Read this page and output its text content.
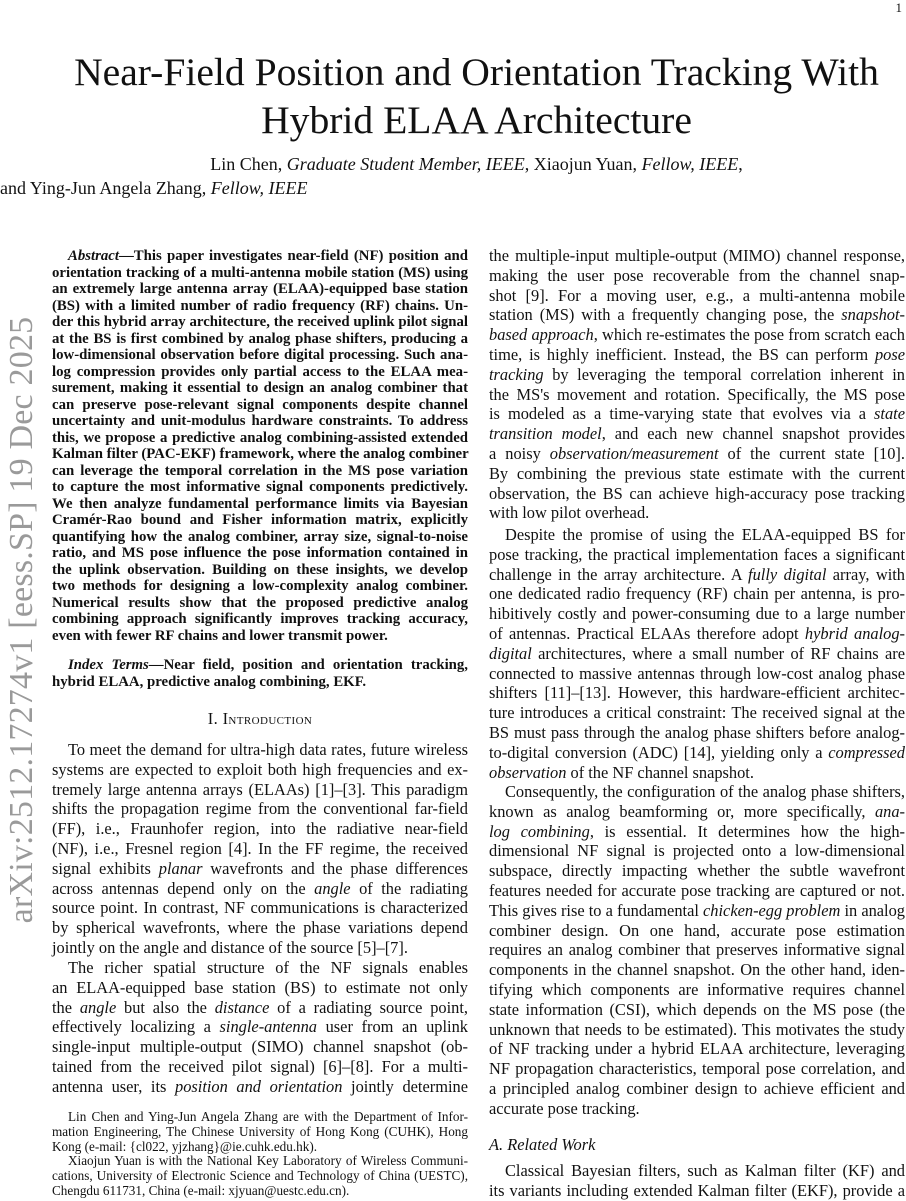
1
arXiv:2512.17274v1 [eess.SP] 19 Dec 2025
Near-Field Position and Orientation Tracking With
Hybrid ELAA Architecture
Lin Chen, Graduate Student Member, IEEE, Xiaojun Yuan, Fellow, IEEE,
and Ying-Jun Angela Zhang, Fellow, IEEE
Abstract—This paper investigates near-field (NF) position and
orientation tracking of a multi-antenna mobile station (MS) using
an extremely large antenna array (ELAA)-equipped base station
(BS) with a limited number of radio frequency (RF) chains. Un-
der this hybrid array architecture, the received uplink pilot signal
at the BS is first combined by analog phase shifters, producing a
low-dimensional observation before digital processing. Such ana-
log compression provides only partial access to the ELAA mea-
surement, making it essential to design an analog combiner that
can preserve pose-relevant signal components despite channel
uncertainty and unit-modulus hardware constraints. To address
this, we propose a predictive analog combining-assisted extended
Kalman filter (PAC-EKF) framework, where the analog combiner
can leverage the temporal correlation in the MS pose variation
to capture the most informative signal components predictively.
We then analyze fundamental performance limits via Bayesian
Cramér-Rao bound and Fisher information matrix, explicitly
quantifying how the analog combiner, array size, signal-to-noise
ratio, and MS pose influence the pose information contained in
the uplink observation. Building on these insights, we develop
two methods for designing a low-complexity analog combiner.
Numerical results show that the proposed predictive analog
combining approach significantly improves tracking accuracy,
even with fewer RF chains and lower transmit power.
Index Terms—Near field, position and orientation tracking,
hybrid ELAA, predictive analog combining, EKF.
I. Introduction
To meet the demand for ultra-high data rates, future wireless
systems are expected to exploit both high frequencies and ex-
tremely large antenna arrays (ELAAs) [1]–[3]. This paradigm
shifts the propagation regime from the conventional far-field
(FF), i.e., Fraunhofer region, into the radiative near-field
(NF), i.e., Fresnel region [4]. In the FF regime, the received
signal exhibits planar wavefronts and the phase differences
across antennas depend only on the angle of the radiating
source point. In contrast, NF communications is characterized
by spherical wavefronts, where the phase variations depend
jointly on the angle and distance of the source [5]–[7].
The richer spatial structure of the NF signals enables
an ELAA-equipped base station (BS) to estimate not only
the angle but also the distance of a radiating source point,
effectively localizing a single-antenna user from an uplink
single-input multiple-output (SIMO) channel snapshot (ob-
tained from the received pilot signal) [6]–[8]. For a multi-
antenna user, its position and orientation jointly determine
Lin Chen and Ying-Jun Angela Zhang are with the Department of Infor-
mation Engineering, The Chinese University of Hong Kong (CUHK), Hong
Kong (e-mail: {cl022, yjzhang}@ie.cuhk.edu.hk).
Xiaojun Yuan is with the National Key Laboratory of Wireless Communi-
cations, University of Electronic Science and Technology of China (UESTC),
Chengdu 611731, China (e-mail: xjyuan@uestc.edu.cn).
the multiple-input multiple-output (MIMO) channel response,
making the user pose recoverable from the channel snap-
shot [9]. For a moving user, e.g., a multi-antenna mobile
station (MS) with a frequently changing pose, the snapshot-
based approach, which re-estimates the pose from scratch each
time, is highly inefficient. Instead, the BS can perform pose
tracking by leveraging the temporal correlation inherent in
the MS's movement and rotation. Specifically, the MS pose
is modeled as a time-varying state that evolves via a state
transition model, and each new channel snapshot provides
a noisy observation/measurement of the current state [10].
By combining the previous state estimate with the current
observation, the BS can achieve high-accuracy pose tracking
with low pilot overhead.
Despite the promise of using the ELAA-equipped BS for
pose tracking, the practical implementation faces a significant
challenge in the array architecture. A fully digital array, with
one dedicated radio frequency (RF) chain per antenna, is pro-
hibitively costly and power-consuming due to a large number
of antennas. Practical ELAAs therefore adopt hybrid analog-
digital architectures, where a small number of RF chains are
connected to massive antennas through low-cost analog phase
shifters [11]–[13]. However, this hardware-efficient architec-
ture introduces a critical constraint: The received signal at the
BS must pass through the analog phase shifters before analog-
to-digital conversion (ADC) [14], yielding only a compressed
observation of the NF channel snapshot.
Consequently, the configuration of the analog phase shifters,
known as analog beamforming or, more specifically, ana-
log combining, is essential. It determines how the high-
dimensional NF signal is projected onto a low-dimensional
subspace, directly impacting whether the subtle wavefront
features needed for accurate pose tracking are captured or not.
This gives rise to a fundamental chicken-egg problem in analog
combiner design. On one hand, accurate pose estimation
requires an analog combiner that preserves informative signal
components in the channel snapshot. On the other hand, iden-
tifying which components are informative requires channel
state information (CSI), which depends on the MS pose (the
unknown that needs to be estimated). This motivates the study
of NF tracking under a hybrid ELAA architecture, leveraging
NF propagation characteristics, temporal pose correlation, and
a principled analog combiner design to achieve efficient and
accurate pose tracking.
A. Related Work
Classical Bayesian filters, such as Kalman filter (KF) and
its variants including extended Kalman filter (EKF), provide a
